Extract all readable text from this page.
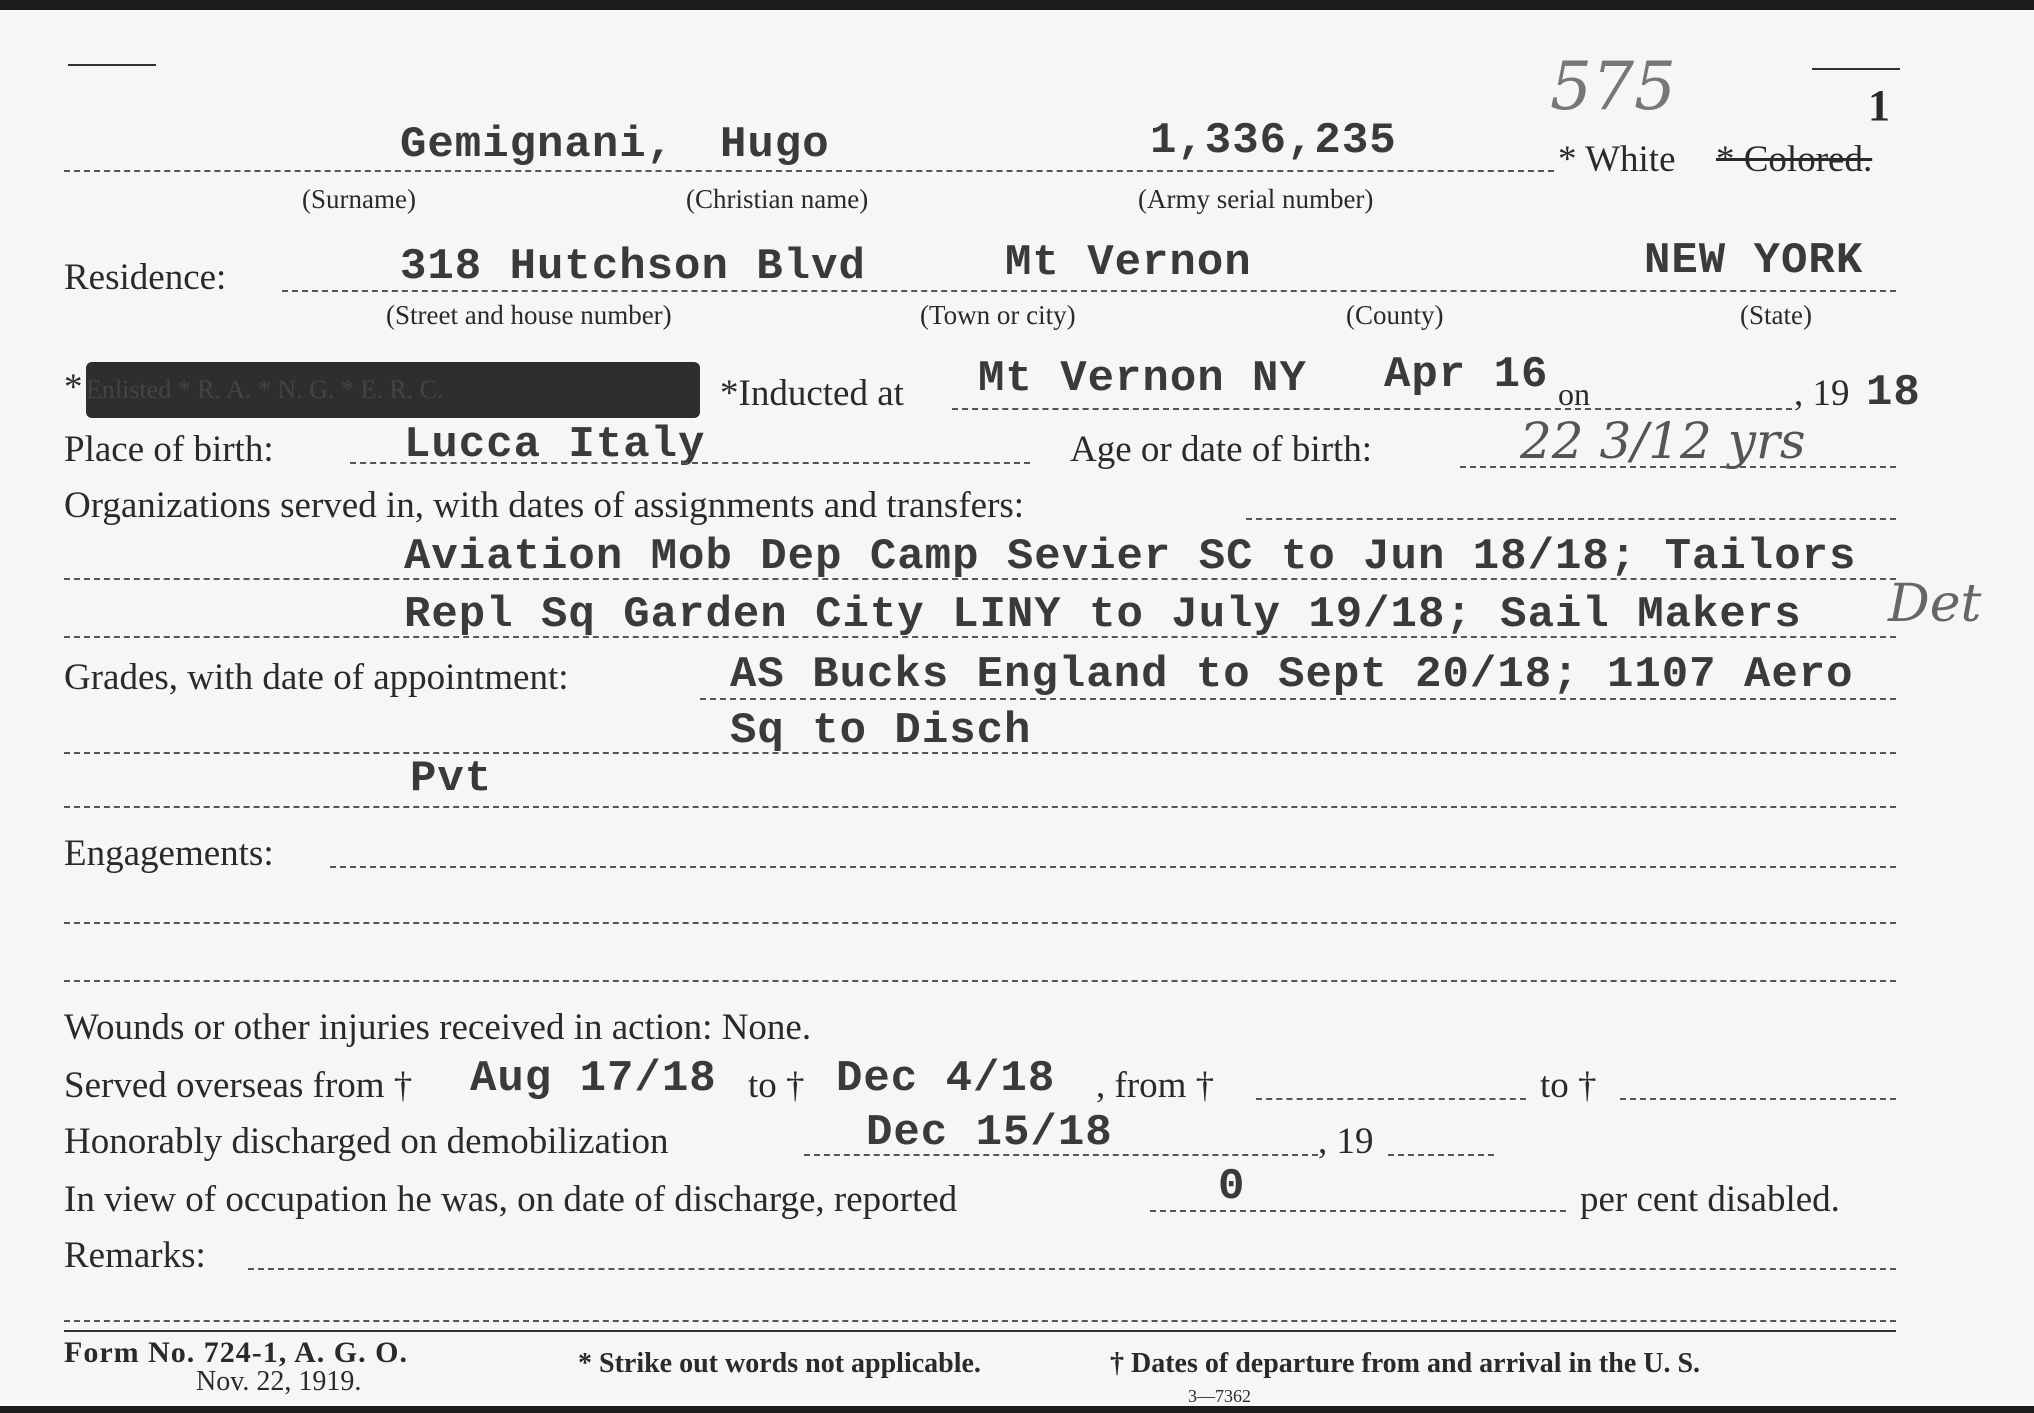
575	1
Gemignani, Hugo	1,336,235	* White * Colored.
(Surname)	(Christian name)	(Army serial number)
Residence:	318 Hutchson Blvd	Mt Vernon	NEW YORK
(Street and house number)	(Town or city)	(County)	(State)
* Enlisted * R. A. * N. G. * E. R. C.	*Inducted at Mt Vernon NY Apr 16 on	, 19 18
Place of birth:	Lucca Italy	Age or date of birth:	22 3/12 yrs
Organizations served in, with dates of assignments and transfers:
Aviation Mob Dep Camp Sevier SC to Jun 18/18; Tailors
Repl Sq Garden City LINY to July 19/18; Sail Makers Det
Grades, with date of appointment:	AS Bucks England to Sept 20/18; 1107 Aero
Sq to Disch
Pvt
Engagements:
Wounds or other injuries received in action: None.
Served overseas from † Aug 17/18 to † Dec 4/18 , from †	to †
Honorably discharged on demobilization	Dec 15/18	, 19
In view of occupation he was, on date of discharge, reported	0	per cent disabled.
Remarks:
Form No. 724-1, A. G. O.
Nov. 22, 1919.
* Strike out words not applicable.	† Dates of departure from and arrival in the U. S.
3—7362
